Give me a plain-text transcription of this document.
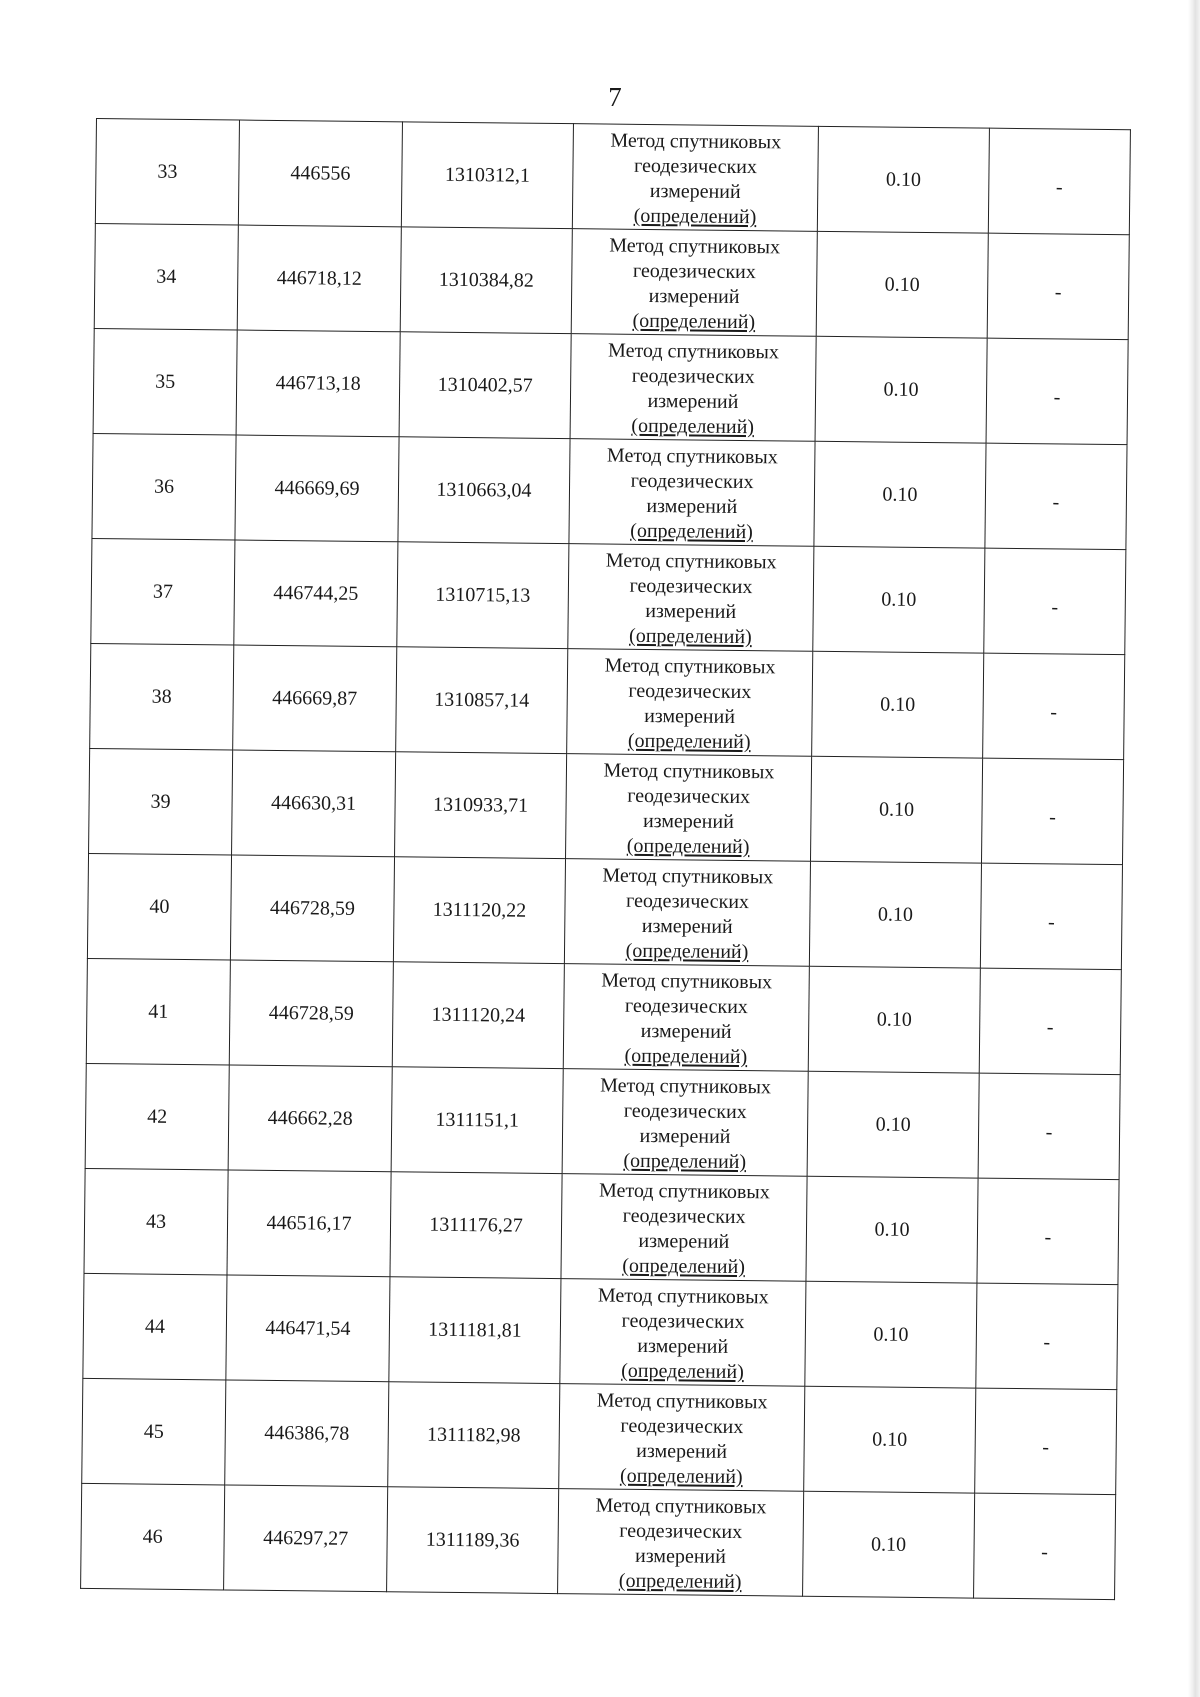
7
33	446556	1310312,1	Метод спутниковых
геодезических
измерений
(определений)	0.10	-
34	446718,12	1310384,82	Метод спутниковых
геодезических
измерений
(определений)	0.10	-
35	446713,18	1310402,57	Метод спутниковых
геодезических
измерений
(определений)	0.10	-
36	446669,69	1310663,04	Метод спутниковых
геодезических
измерений
(определений)	0.10	-
37	446744,25	1310715,13	Метод спутниковых
геодезических
измерений
(определений)	0.10	-
38	446669,87	1310857,14	Метод спутниковых
геодезических
измерений
(определений)	0.10	-
39	446630,31	1310933,71	Метод спутниковых
геодезических
измерений
(определений)	0.10	-
40	446728,59	1311120,22	Метод спутниковых
геодезических
измерений
(определений)	0.10	-
41	446728,59	1311120,24	Метод спутниковых
геодезических
измерений
(определений)	0.10	-
42	446662,28	1311151,1	Метод спутниковых
геодезических
измерений
(определений)	0.10	-
43	446516,17	1311176,27	Метод спутниковых
геодезических
измерений
(определений)	0.10	-
44	446471,54	1311181,81	Метод спутниковых
геодезических
измерений
(определений)	0.10	-
45	446386,78	1311182,98	Метод спутниковых
геодезических
измерений
(определений)	0.10	-
46	446297,27	1311189,36	Метод спутниковых
геодезических
измерений
(определений)	0.10	-
